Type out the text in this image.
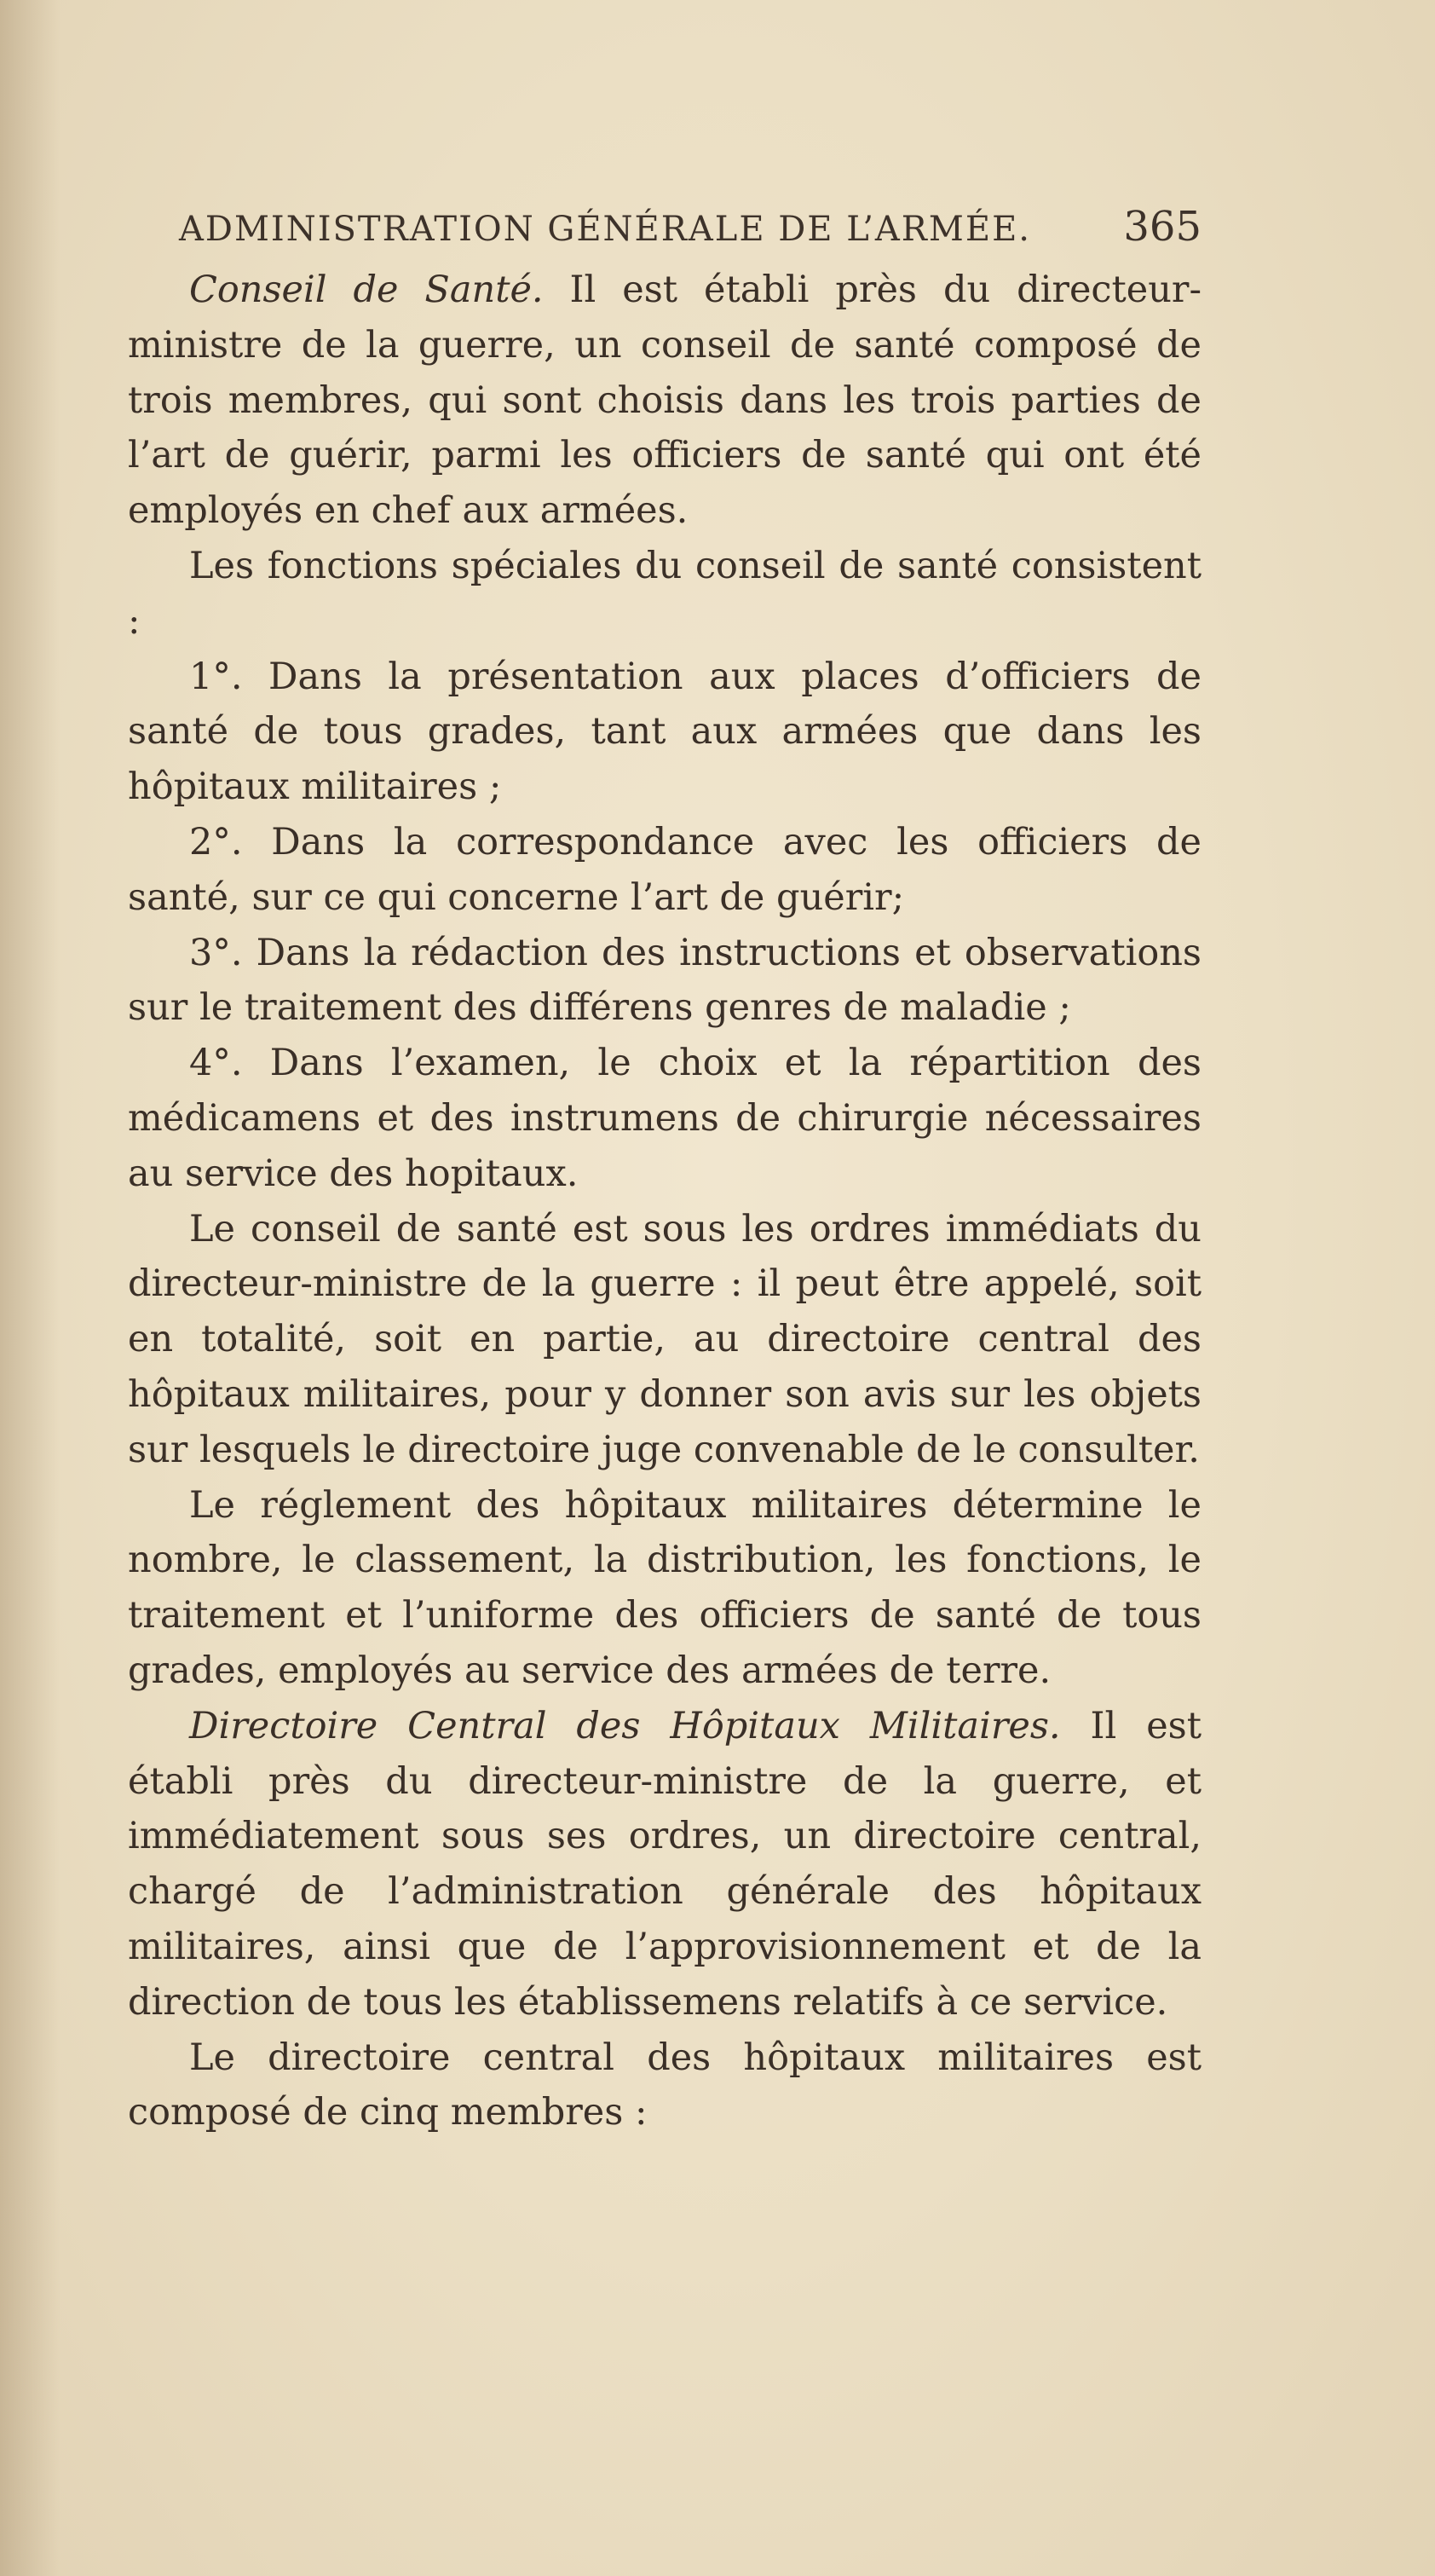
ADMINISTRATION GÉNÉRALE DE L’ARMÉE. 365

Conseil de Santé. Il est établi près du directeur-ministre de la guerre, un conseil de santé composé de trois membres, qui sont choisis dans les trois parties de l’art de guérir, parmi les officiers de santé qui ont été employés en chef aux armées.

Les fonctions spéciales du conseil de santé consistent :

1°. Dans la présentation aux places d’officiers de santé de tous grades, tant aux armées que dans les hôpitaux militaires ;

2°. Dans la correspondance avec les officiers de santé, sur ce qui concerne l’art de guérir;

3°. Dans la rédaction des instructions et observations sur le traitement des différens genres de maladie ;

4°. Dans l’examen, le choix et la répartition des médicamens et des instrumens de chirurgie nécessaires au service des hopitaux.

Le conseil de santé est sous les ordres immédiats du directeur-ministre de la guerre : il peut être appelé, soit en totalité, soit en partie, au directoire central des hôpitaux militaires, pour y donner son avis sur les objets sur lesquels le directoire juge convenable de le consulter.

Le réglement des hôpitaux militaires détermine le nombre, le classement, la distribution, les fonctions, le traitement et l’uniforme des officiers de santé de tous grades, employés au service des armées de terre.

Directoire Central des Hôpitaux Militaires. Il est établi près du directeur-ministre de la guerre, et immédiatement sous ses ordres, un directoire central, chargé de l’administration générale des hôpitaux militaires, ainsi que de l’approvisionnement et de la direction de tous les établissemens relatifs à ce service.

Le directoire central des hôpitaux militaires est composé de cinq membres :
